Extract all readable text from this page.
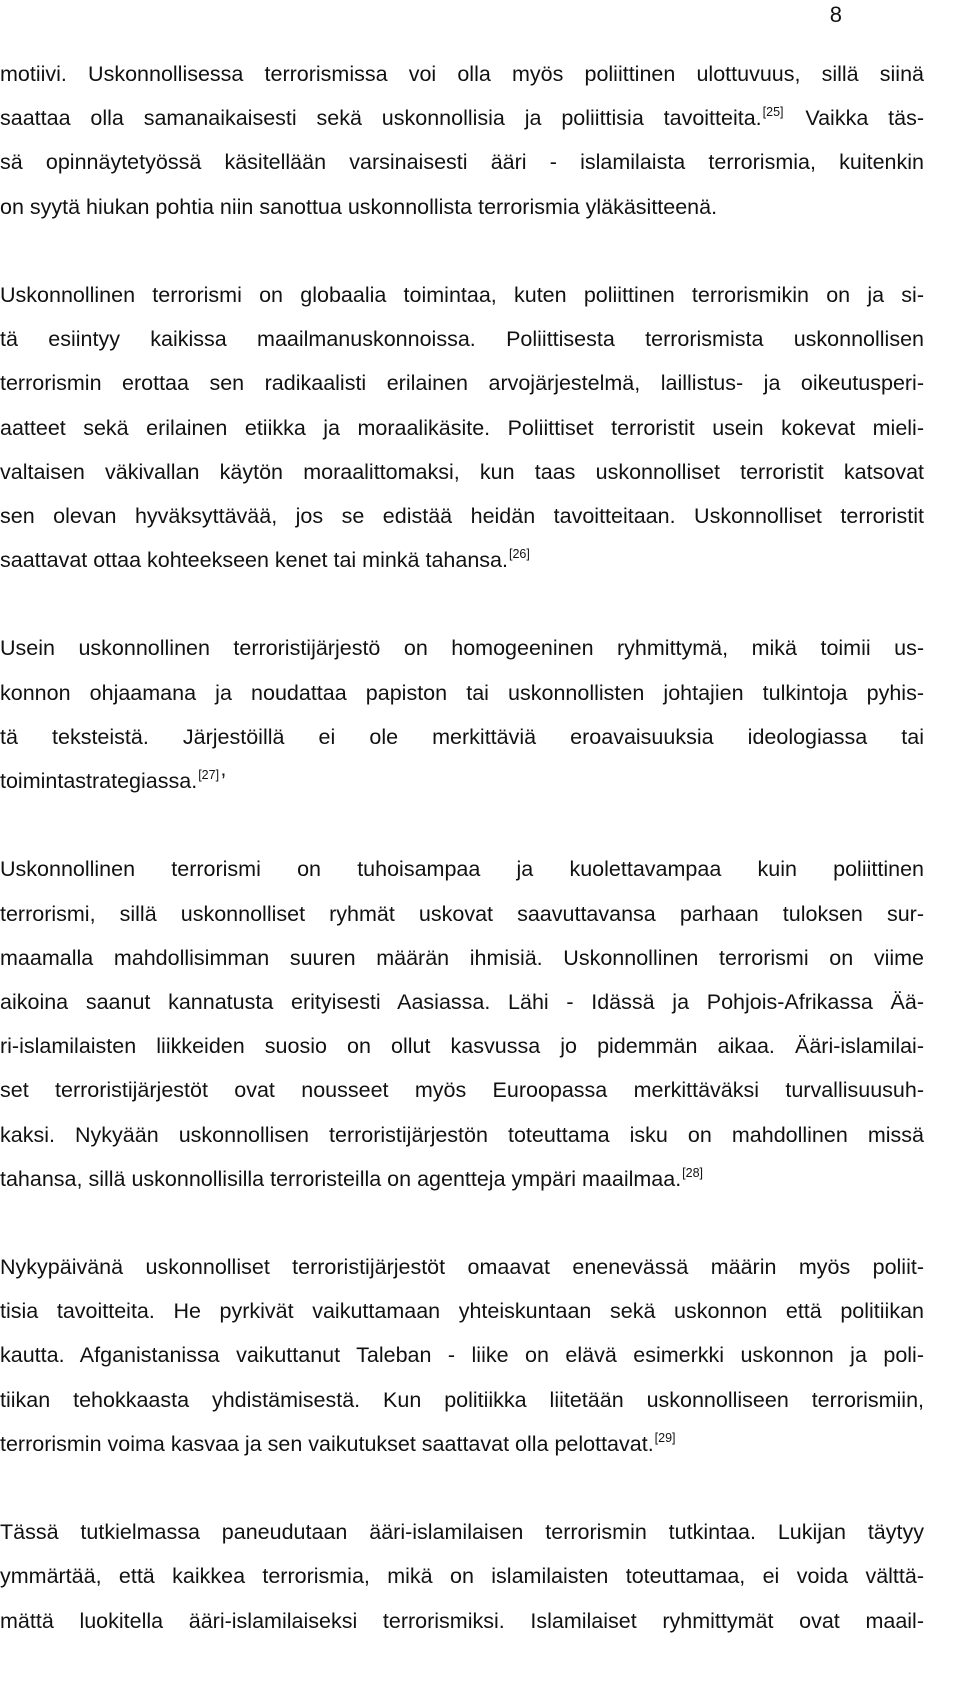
8
motiivi. Uskonnollisessa terrorismissa voi olla myös poliittinen ulottuvuus, sillä siinä
saattaa olla samanaikaisesti sekä uskonnollisia ja poliittisia tavoitteita.[25] Vaikka täs-
sä opinnäytetyössä käsitellään varsinaisesti ääri - islamilaista terrorismia, kuitenkin
on syytä hiukan pohtia niin sanottua uskonnollista terrorismia yläkäsitteenä.
Uskonnollinen terrorismi on globaalia toimintaa, kuten poliittinen terrorismikin on ja si-
tä esiintyy kaikissa maailmanuskonnoissa. Poliittisesta terrorismista uskonnollisen
terrorismin erottaa sen radikaalisti erilainen arvojärjestelmä, laillistus- ja oikeutusperi-
aatteet sekä erilainen etiikka ja moraalikäsite. Poliittiset terroristit usein kokevat mieli-
valtaisen väkivallan käytön moraalittomaksi, kun taas uskonnolliset terroristit katsovat
sen olevan hyväksyttävää, jos se edistää heidän tavoitteitaan. Uskonnolliset terroristit
saattavat ottaa kohteekseen kenet tai minkä tahansa.[26]
Usein uskonnollinen terroristijärjestö on homogeeninen ryhmittymä, mikä toimii us-
konnon ohjaamana ja noudattaa papiston tai uskonnollisten johtajien tulkintoja pyhis-
tä teksteistä. Järjestöillä ei ole merkittäviä eroavaisuuksia ideologiassa tai
toimintastrategiassa.[27]’
Uskonnollinen terrorismi on tuhoisampaa ja kuolettavampaa kuin poliittinen
terrorismi, sillä uskonnolliset ryhmät uskovat saavuttavansa parhaan tuloksen sur-
maamalla mahdollisimman suuren määrän ihmisiä. Uskonnollinen terrorismi on viime
aikoina saanut kannatusta erityisesti Aasiassa. Lähi - Idässä ja Pohjois-Afrikassa Ää-
ri-islamilaisten liikkeiden suosio on ollut kasvussa jo pidemmän aikaa. Ääri-islamilai-
set terroristijärjestöt ovat nousseet myös Euroopassa merkittäväksi turvallisuusuh-
kaksi. Nykyään uskonnollisen terroristijärjestön toteuttama isku on mahdollinen missä
tahansa, sillä uskonnollisilla terroristeilla on agentteja ympäri maailmaa.[28]
Nykypäivänä uskonnolliset terroristijärjestöt omaavat enenevässä määrin myös poliit-
tisia tavoitteita. He pyrkivät vaikuttamaan yhteiskuntaan sekä uskonnon että politiikan
kautta. Afganistanissa vaikuttanut Taleban - liike on elävä esimerkki uskonnon ja poli-
tiikan tehokkaasta yhdistämisestä. Kun politiikka liitetään uskonnolliseen terrorismiin,
terrorismin voima kasvaa ja sen vaikutukset saattavat olla pelottavat.[29]
Tässä tutkielmassa paneudutaan ääri-islamilaisen terrorismin tutkintaa. Lukijan täytyy
ymmärtää, että kaikkea terrorismia, mikä on islamilaisten toteuttamaa, ei voida välttä-
mättä luokitella ääri-islamilaiseksi terrorismiksi. Islamilaiset ryhmittymät ovat maail-
